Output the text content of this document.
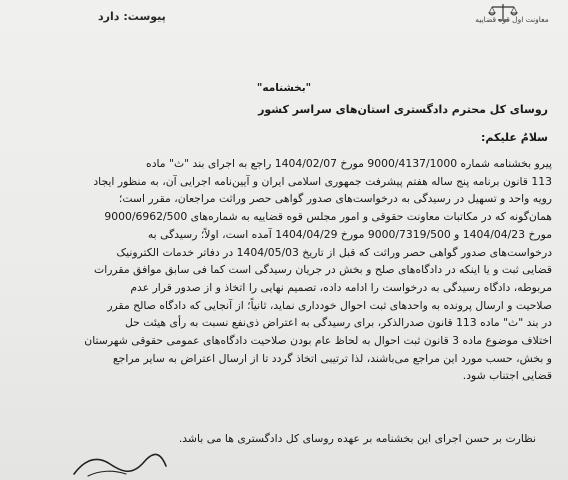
معاونت اول قوه قضاییه
پیوست:دارد
"بخشنامه"
روسای کل محترم دادگستری استان‌های سراسر کشور
سلامٌ علیکم:
پیرو بخشنامه شماره 9000/4137/1000 مورخ 1404/02/07 راجع به اجرای بند "ث" ماده
113 قانون برنامه پنج ساله هفتم پیشرفت جمهوری اسلامی ایران و آیین‌نامه اجرایی آن، به منظور ایجاد
رویه واحد و تسهیل در رسیدگی به درخواست‌های صدور گواهی حصر وراثت مراجعان، مقرر است؛
همان‌گونه که در مکاتبات معاونت حقوقی و امور مجلس قوه قضاییه به شماره‌های 9000/6962/500
مورخ 1404/04/23 و 9000/7319/500 مورخ 1404/04/29 آمده است، اولاً؛ رسیدگی به
درخواست‌های صدور گواهی حصر وراثت که قبل از تاریخ 1404/05/03 در دفاتر خدمات الکترونیک
قضایی ثبت و یا اینکه در دادگاه‌های صلح و بخش در جریان رسیدگی است کما فی سابق موافق مقررات
مربوطه، دادگاه رسیدگی به درخواست را ادامه داده، تصمیم نهایی را اتخاذ و از صدور قرار عدم
صلاحیت و ارسال پرونده به واحدهای ثبت احوال خودداری نماید، ثانیاً؛ از آنجایی که دادگاه صالح مقرر
در بند "ث" ماده 113 قانون صدرالذکر، برای رسیدگی به اعتراض ذی‌نفع نسبت به رأی هیئت حل
اختلاف موضوع ماده 3 قانون ثبت احوال به لحاظ عام بودن صلاحیت دادگاه‌های عمومی حقوقی شهرستان
و بخش، حسب مورد این مراجع می‌باشند، لذا ترتیبی اتخاذ گردد تا از ارسال اعتراض به سایر مراجع
قضایی اجتناب شود.
نظارت بر حسن اجرای این بخشنامه بر عهده روسای کل دادگستری ها می باشد.
